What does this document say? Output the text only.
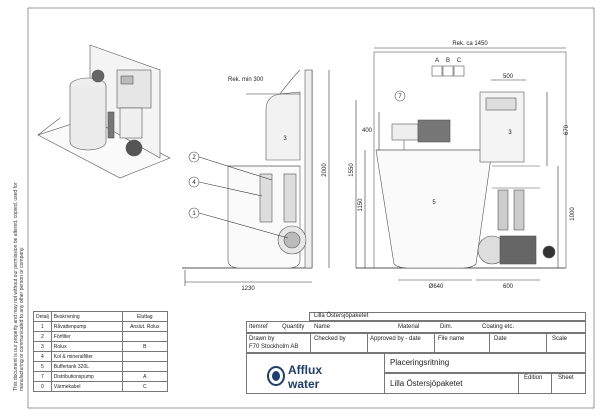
This document is our property and may not without our permission be altered, copied, used for manufacturing or communicated to any other person or company.
Rek. min 300
2000
1230
Rek. ca 1450
1550
1150
500
670
1000
400
Ø640	600
2
4
1
3
7
3
5
A B C
Detalj	Beskrivning	Eluttag
1	Råvattenpump	Anslut. Rolux
2	Förfilter	
3	Rolux	B
4	Kol & mineralfilter	
5	Buffertank 320L	
7	Distributionspump	A
0	Värmekabel	C
Lilla Östersjöpaketet
Itemref Quantity Name	Material	Dim.	Coating etc.
Drawn by
F70 Stockholm AB
Checked by	Approved by - date	File name	Date	Scale
Placeringsritning
Lilla Östersjöpaketet
Edition	Sheet
Afflux
water
